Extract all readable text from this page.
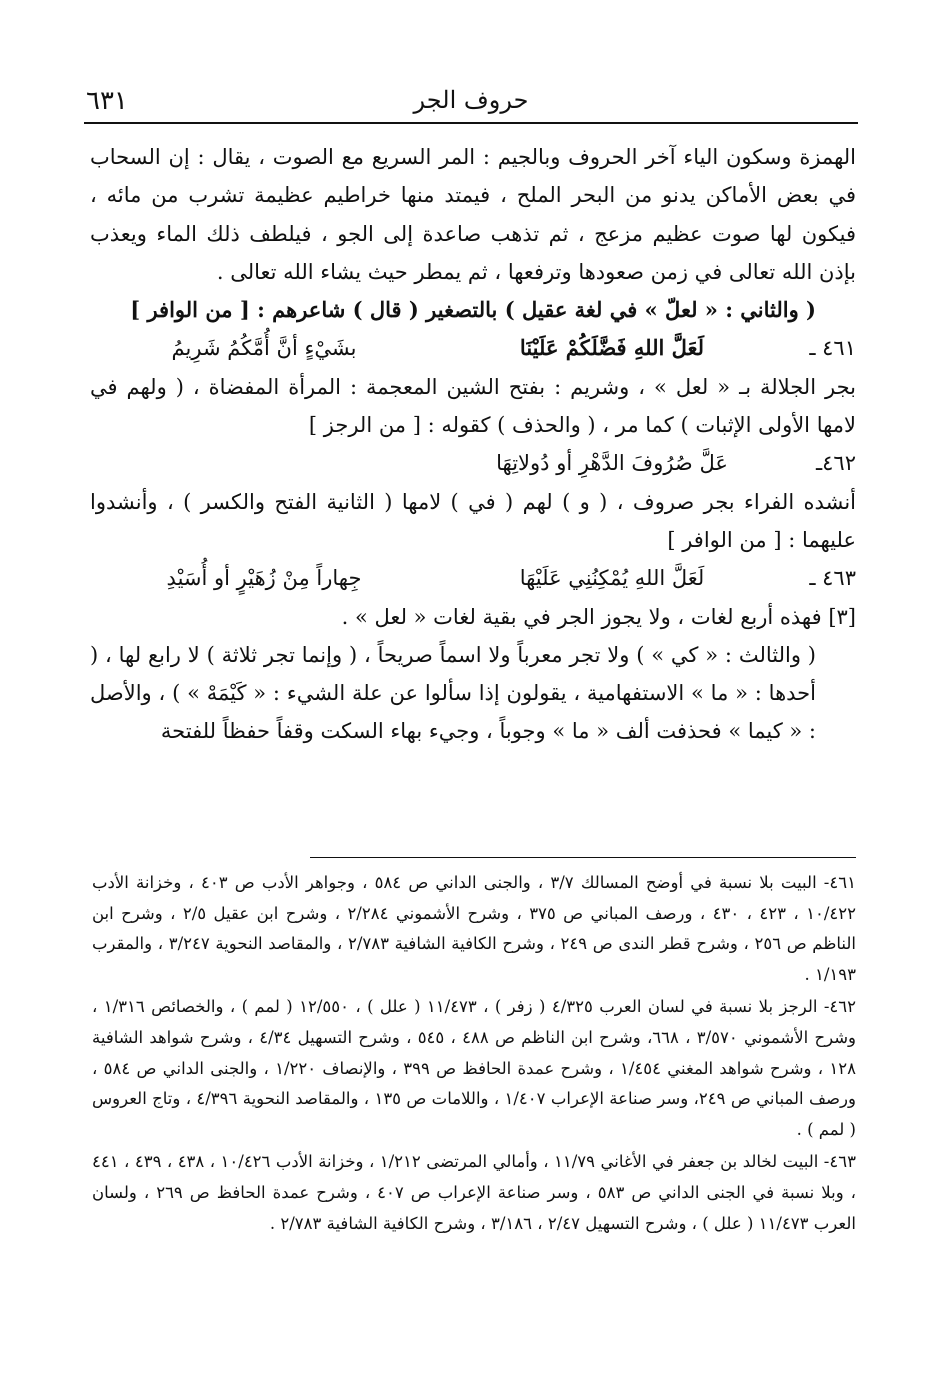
حروف الجر
٦٣١

الهمزة وسكون الياء آخر الحروف وبالجيم : المر السريع مع الصوت ، يقال : إن السحاب في بعض الأماكن يدنو من البحر الملح ، فيمتد منها خراطيم عظيمة تشرب من مائه ، فيكون لها صوت عظيم مزعج ، ثم تذهب صاعدة إلى الجو ، فيلطف ذلك الماء ويعذب بإذن الله تعالى في زمن صعودها وترفعها ، ثم يمطر حيث يشاء الله تعالى .

( والثاني : « لعلّ » في لغة عقيل ) بالتصغير ( قال ) شاعرهم : [ من الوافر ]

٤٦١ ـ
لَعَلَّ اللهِ فَضَّلَكُمْ عَلَيْنَا
بشَيْءٍ أنَّ أُمَّكُمُ شَرِيمُ

بجر الجلالة بـ « لعل » ، وشريم : بفتح الشين المعجمة : المرأة المفضاة ، ( ولهم في لامها الأولى الإثبات ) كما مر ، ( والحذف ) كقوله : [ من الرجز ]

٤٦٢ـ
عَلَّ صُرُوفَ الدَّهْرِ أو دُولاتِهَا

أنشده الفراء بجر صروف ، ( و ) لهم ( في ) لامها ( الثانية الفتح والكسر ) ، وأنشدوا عليهما : [ من الوافر ]

٤٦٣ ـ
لَعَلَّ اللهِ يُمْكِنُنِي عَلَيْهَا
جِهاراً مِنْ زُهَيْرٍ أو أُسَيْدِ

[٣] فهذه أربع لغات ، ولا يجوز الجر في بقية لغات « لعل » .

( والثالث : « كي » ) ولا تجر معرباً ولا اسماً صريحاً ، ( وإنما تجر ثلاثة ) لا رابع لها ، ( أحدها : « ما » الاستفهامية ، يقولون إذا سألوا عن علة الشيء : « كَيْمَهْ » ) ، والأصل : « كيما » فحذفت ألف « ما » وجوباً ، وجيء بهاء السكت وقفاً حفظاً للفتحة

٤٦١- البيت بلا نسبة في أوضح المسالك ٣/٧ ، والجنى الداني ص ٥٨٤ ، وجواهر الأدب ص ٤٠٣ ، وخزانة الأدب ١٠/٤٢٢ ، ٤٢٣ ، ٤٣٠ ، ورصف المباني ص ٣٧٥ ، وشرح الأشموني ٢/٢٨٤ ، وشرح ابن عقيل ٢/٥ ، وشرح ابن الناظم ص ٢٥٦ ، وشرح قطر الندى ص ٢٤٩ ، وشرح الكافية الشافية ٢/٧٨٣ ، والمقاصد النحوية ٣/٢٤٧ ، والمقرب ١/١٩٣ .

٤٦٢- الرجز بلا نسبة في لسان العرب ٤/٣٢٥ ( زفر ) ، ١١/٤٧٣ ( علل ) ، ١٢/٥٥٠ ( لمم ) ، والخصائص ١/٣١٦ ، وشرح الأشموني ٣/٥٧٠ ، ٦٦٨، وشرح ابن الناظم ص ٤٨٨ ، ٥٤٥ ، وشرح التسهيل ٤/٣٤ ، وشرح شواهد الشافية ١٢٨ ، وشرح شواهد المغني ١/٤٥٤ ، وشرح عمدة الحافظ ص ٣٩٩ ، والإنصاف ١/٢٢٠ ، والجنى الداني ص ٥٨٤ ، ورصف المباني ص ٢٤٩، وسر صناعة الإعراب ١/٤٠٧ ، واللامات ص ١٣٥ ، والمقاصد النحوية ٤/٣٩٦ ، وتاج العروس ( لمم ) .

٤٦٣- البيت لخالد بن جعفر في الأغاني ١١/٧٩ ، وأمالي المرتضى ١/٢١٢ ، وخزانة الأدب ١٠/٤٢٦ ، ٤٣٨ ، ٤٣٩ ، ٤٤١ ، وبلا نسبة في الجنى الداني ص ٥٨٣ ، وسر صناعة الإعراب ص ٤٠٧ ، وشرح عمدة الحافظ ص ٢٦٩ ، ولسان العرب ١١/٤٧٣ ( علل ) ، وشرح التسهيل ٢/٤٧ ، ٣/١٨٦ ، وشرح الكافية الشافية ٢/٧٨٣ .
